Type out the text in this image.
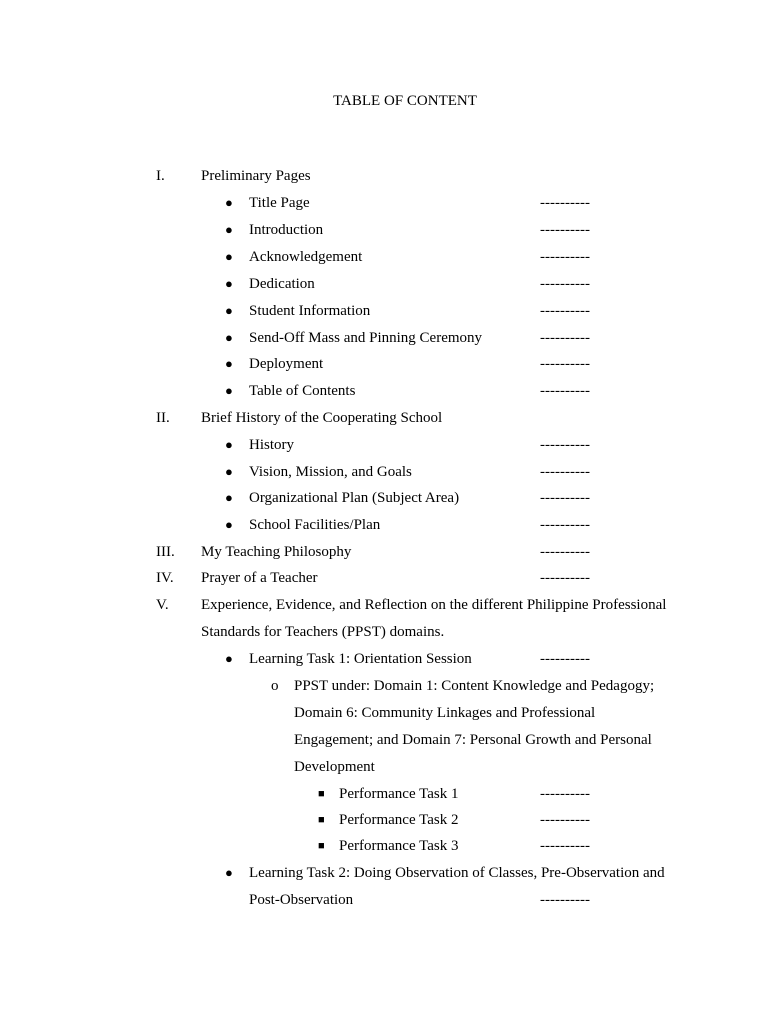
TABLE OF CONTENT
I. Preliminary Pages
● Title Page	----------
● Introduction	----------
● Acknowledgement	----------
● Dedication	----------
● Student Information	----------
● Send-Off Mass and Pinning Ceremony	----------
● Deployment	----------
● Table of Contents	----------
II. Brief History of the Cooperating School
● History	----------
● Vision, Mission, and Goals	----------
● Organizational Plan (Subject Area)	----------
● School Facilities/Plan	----------
III. My Teaching Philosophy	----------
IV. Prayer of a Teacher	----------
V. Experience, Evidence, and Reflection on the different Philippine Professional
Standards for Teachers (PPST) domains.
● Learning Task 1: Orientation Session	----------
o PPST under: Domain 1: Content Knowledge and Pedagogy;
Domain 6: Community Linkages and Professional
Engagement; and Domain 7: Personal Growth and Personal
Development
■ Performance Task 1	----------
■ Performance Task 2	----------
■ Performance Task 3	----------
● Learning Task 2: Doing Observation of Classes, Pre-Observation and
Post-Observation	----------
